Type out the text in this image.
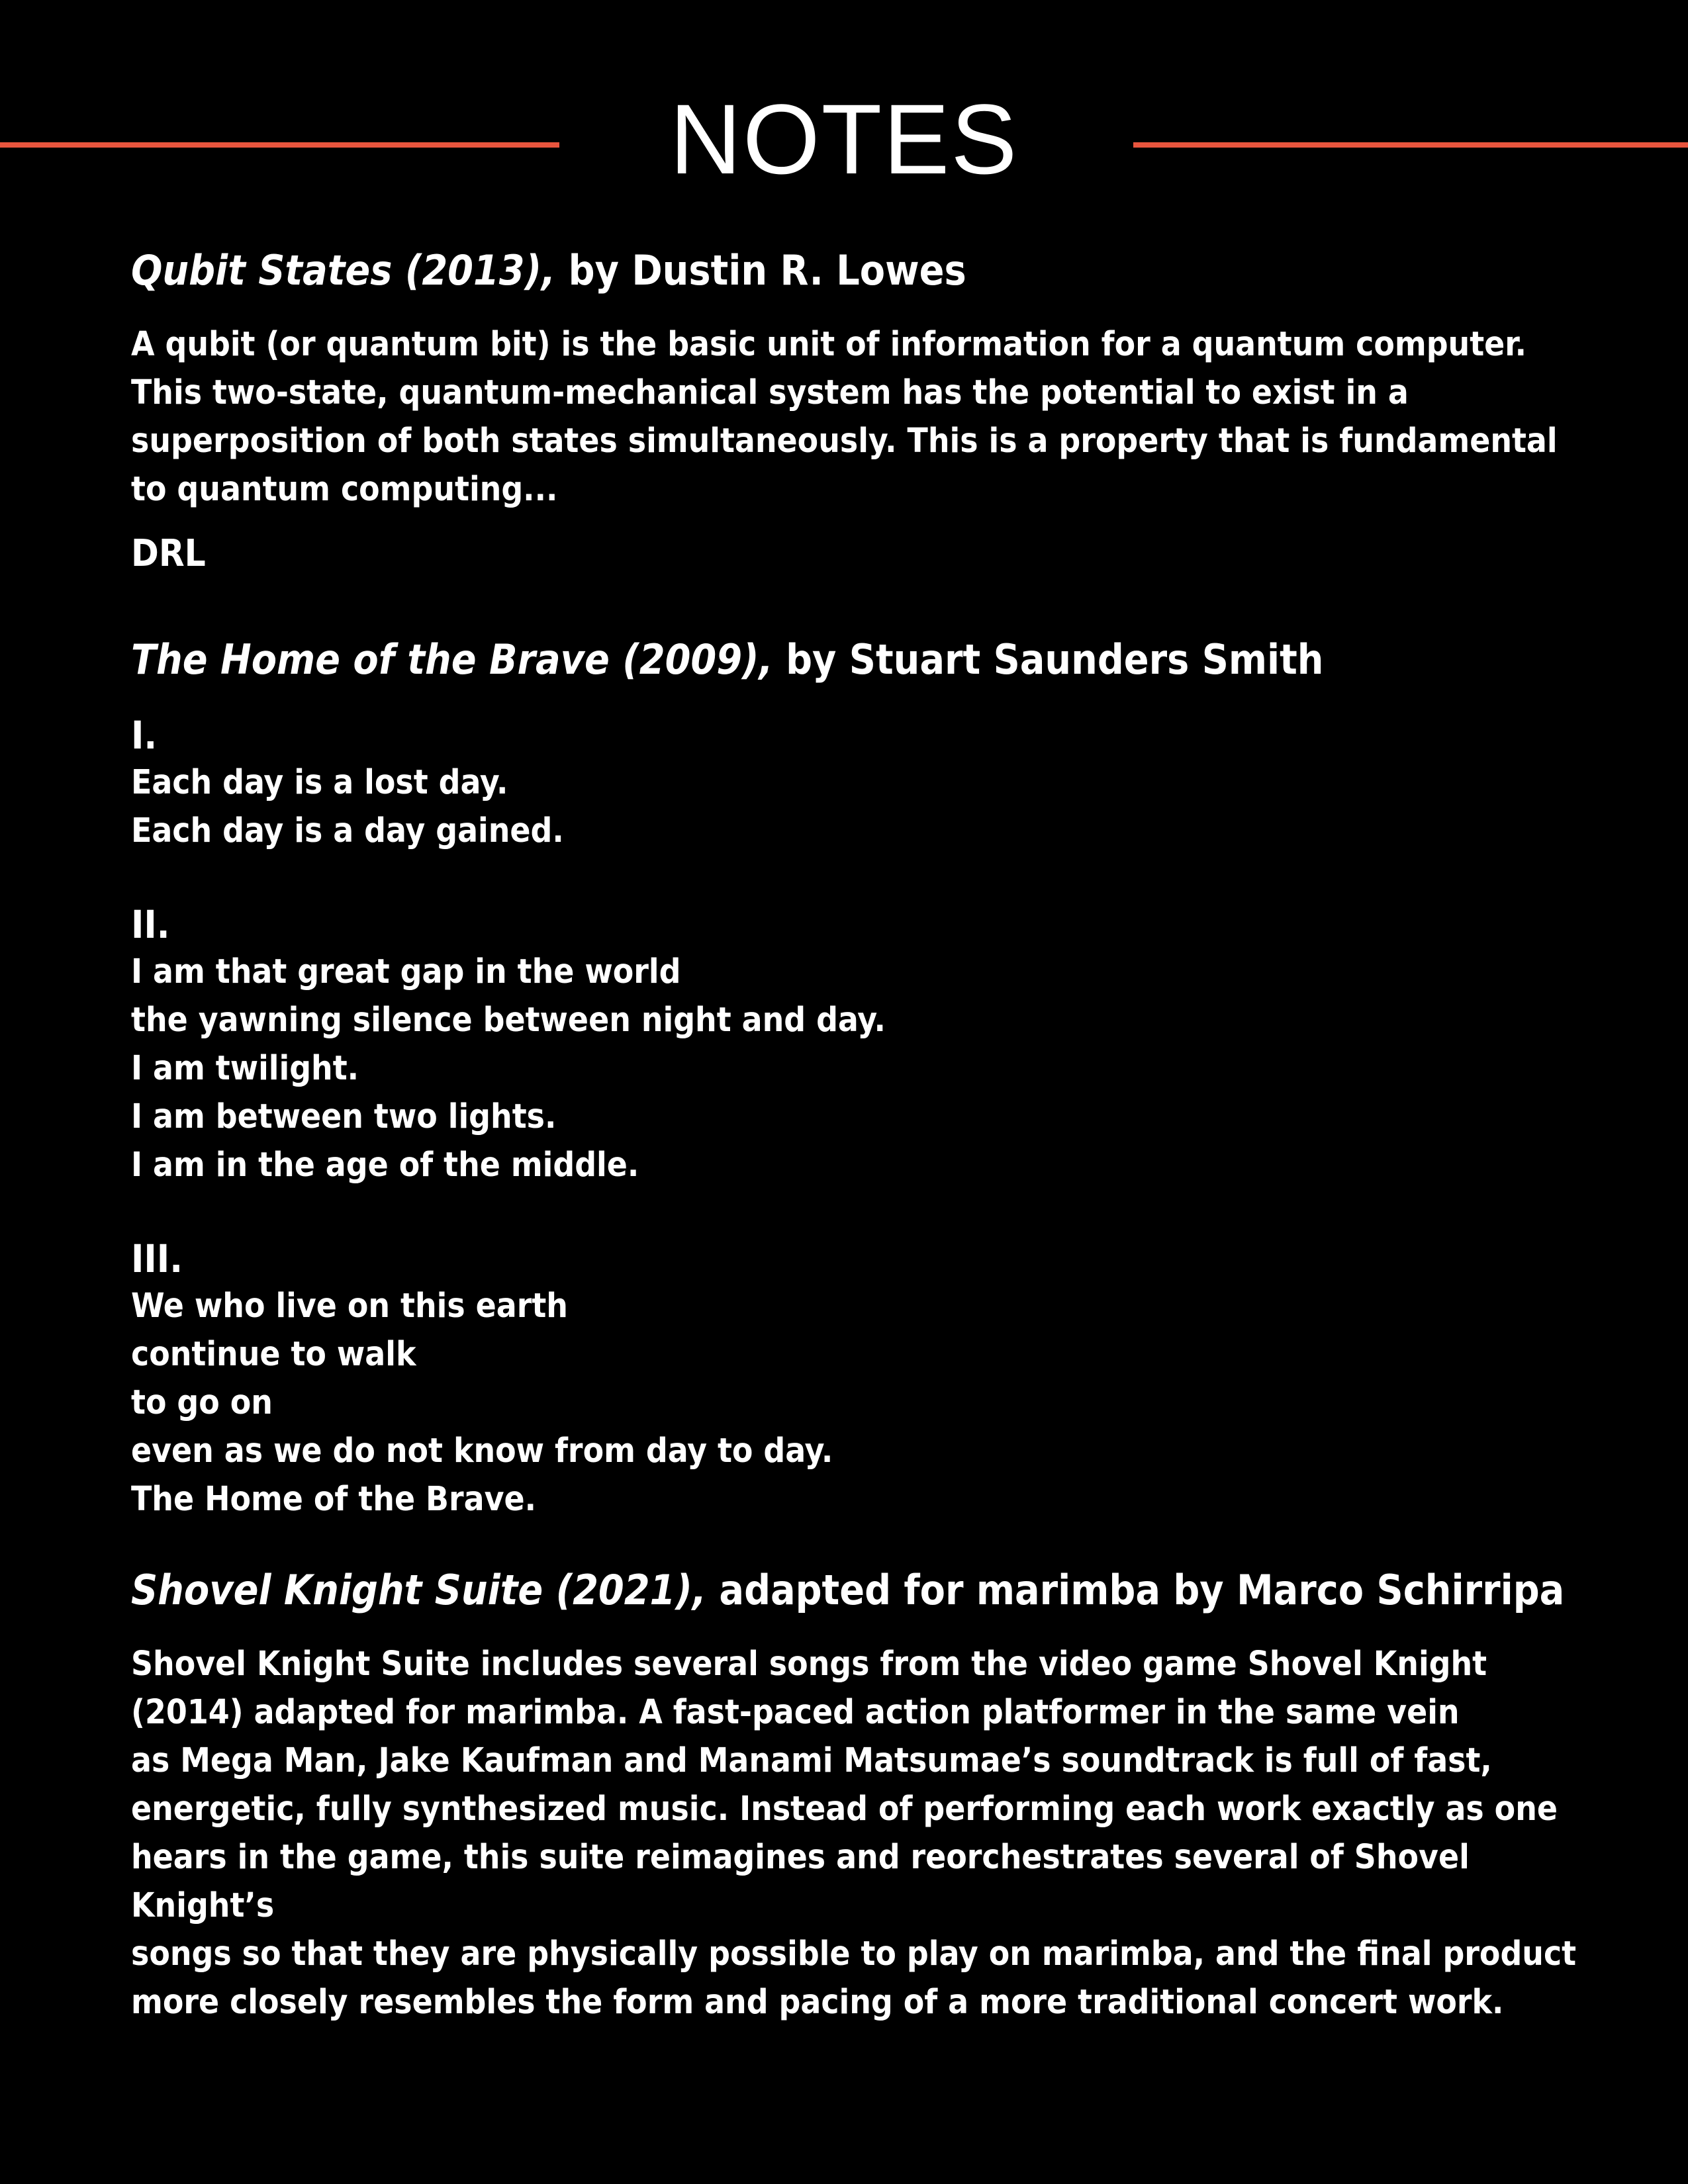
NOTES
Qubit States (2013), by Dustin R. Lowes

A qubit (or quantum bit) is the basic unit of information for a quantum computer.
This two-state, quantum-mechanical system has the potential to exist in a
superposition of both states simultaneously. This is a property that is fundamental
to quantum computing...

DRL

The Home of the Brave (2009), by Stuart Saunders Smith

I.

Each day is a lost day.

Each day is a day gained.

II.

I am that great gap in the world

the yawning silence between night and day.

I am twilight.

I am between two lights.

I am in the age of the middle.

III.

We who live on this earth

continue to walk

to go on

even as we do not know from day to day.

The Home of the Brave.

Shovel Knight Suite (2021), adapted for marimba by Marco Schirripa

Shovel Knight Suite includes several songs from the video game Shovel Knight
(2014) adapted for marimba. A fast-paced action platformer in the same vein
as Mega Man, Jake Kaufman and Manami Matsumae’s soundtrack is full of fast,
energetic, fully synthesized music. Instead of performing each work exactly as one
hears in the game, this suite reimagines and reorchestrates several of Shovel Knight’s
songs so that they are physically possible to play on marimba, and the final product
more closely resembles the form and pacing of a more traditional concert work.
